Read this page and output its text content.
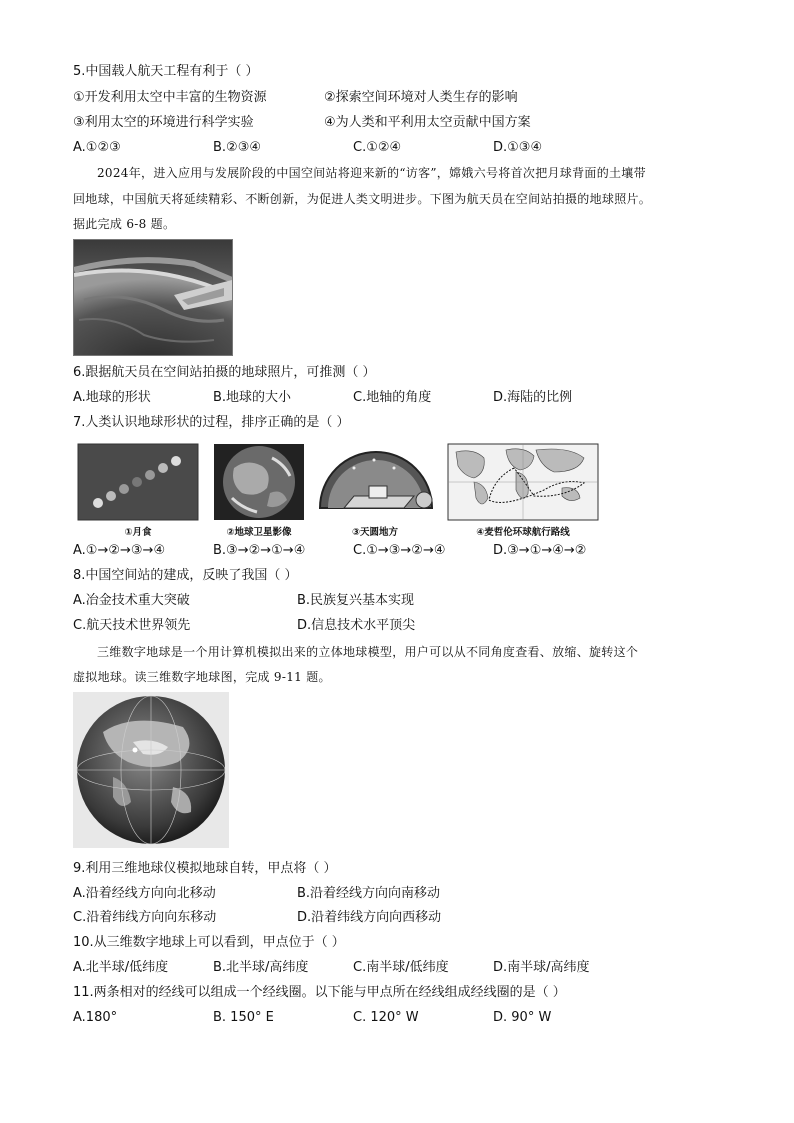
5.中国载人航天工程有利于（ ）
①开发利用太空中丰富的生物资源	②探索空间环境对人类生存的影响
③利用太空的环境进行科学实验	④为人类和平利用太空贡献中国方案
A.①②③	B.②③④	C.①②④	D.①③④
2024年，进入应用与发展阶段的中国空间站将迎来新的“访客”，嫦娥六号将首次把月球背面的土壤带
回地球，中国航天将延续精彩、不断创新，为促进人类文明进步。下图为航天员在空间站拍摄的地球照片。
据此完成 6-8 题。
6.跟据航天员在空间站拍摄的地球照片，可推测（ ）
A.地球的形状	B.地球的大小	C.地轴的角度	D.海陆的比例
7.人类认识地球形状的过程，排序正确的是（ ）
①月食	②地球卫星影像	③天圆地方	④麦哲伦环球航行路线
A.①→②→③→④	B.③→②→①→④	C.①→③→②→④	D.③→①→④→②
8.中国空间站的建成，反映了我国（ ）
A.冶金技术重大突破	B.民族复兴基本实现
C.航天技术世界领先	D.信息技术水平顶尖
三维数字地球是一个用计算机模拟出来的立体地球模型，用户可以从不同角度查看、放缩、旋转这个
虚拟地球。读三维数字地球图，完成 9-11 题。
9.利用三维地球仪模拟地球自转，甲点将（ ）
A.沿着经线方向向北移动	B.沿着经线方向向南移动
C.沿着纬线方向向东移动	D.沿着纬线方向向西移动
10.从三维数字地球上可以看到，甲点位于（ ）
A.北半球/低纬度	B.北半球/高纬度	C.南半球/低纬度	D.南半球/高纬度
11.两条相对的经线可以组成一个经线圈。以下能与甲点所在经线组成经线圈的是（ ）
A.180°	B. 150° E	C. 120° W	D. 90° W
